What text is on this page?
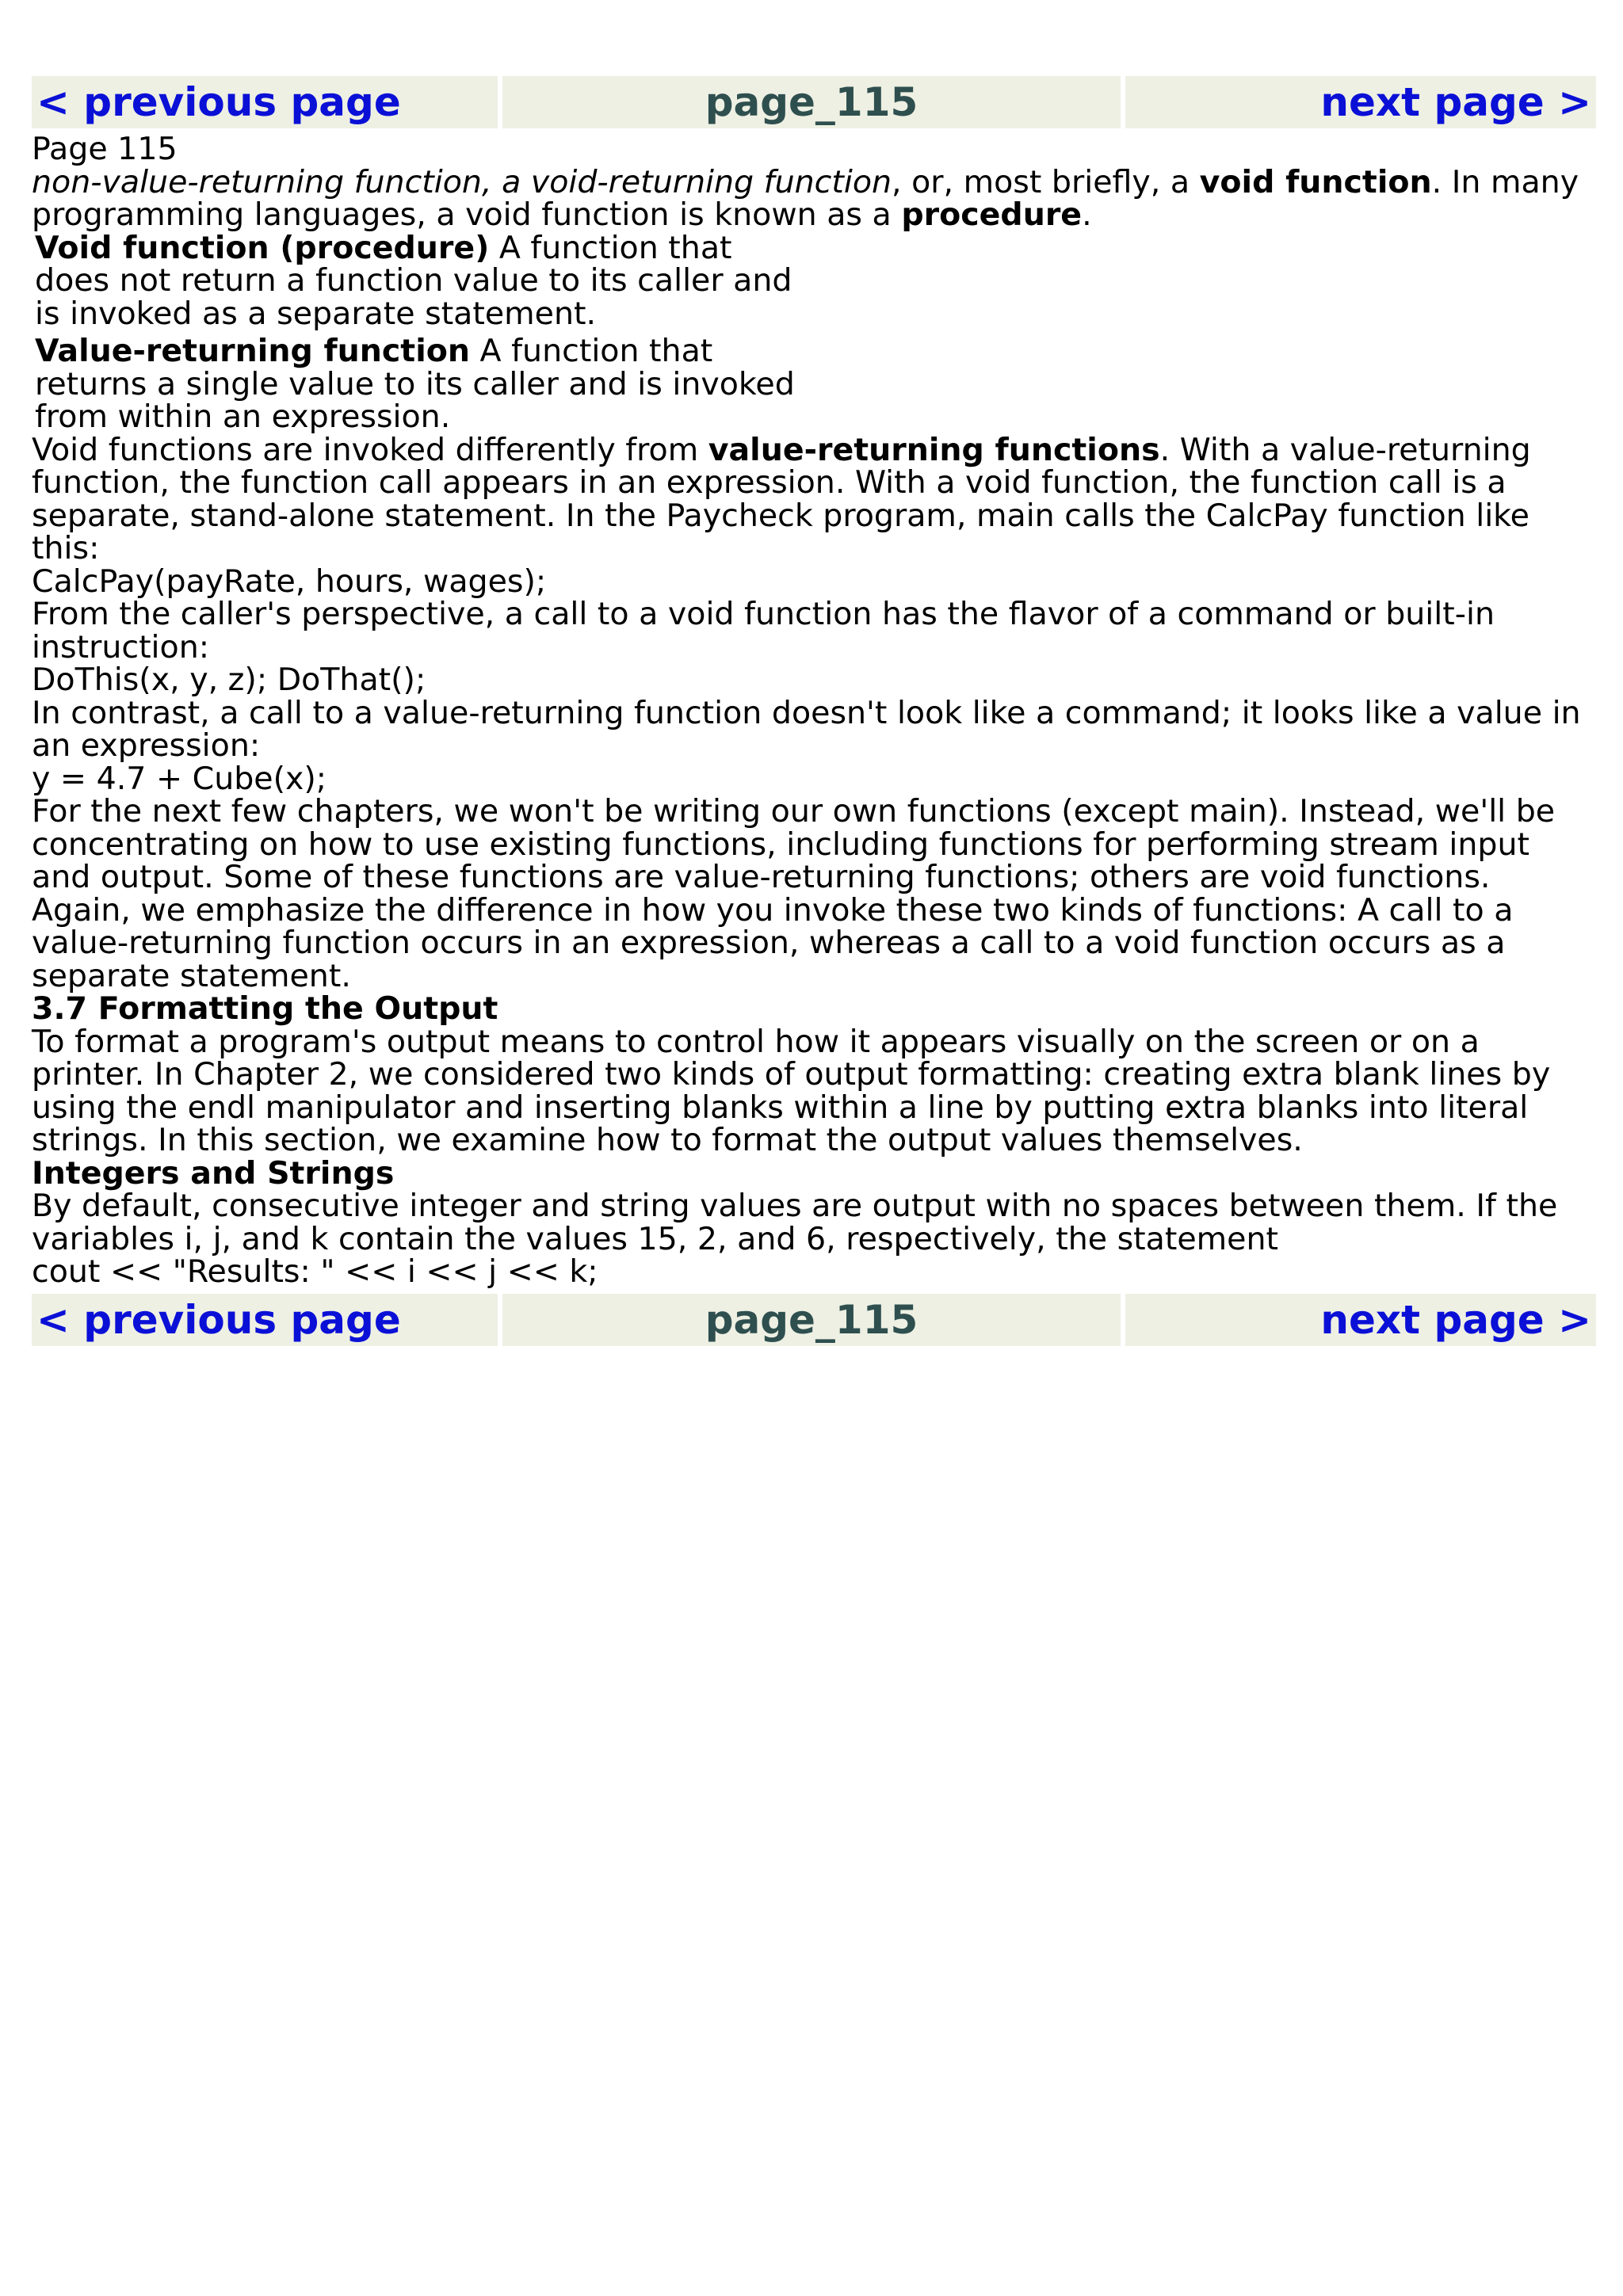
< previous page	page_115	next page >

Page 115

non-value-returning function, a void-returning function, or, most briefly, a void function. In many programming languages, a void function is known as a procedure.

Void function (procedure) A function that does not return a function value to its caller and is invoked as a separate statement.
Value-returning function A function that returns a single value to its caller and is invoked from within an expression.

Void functions are invoked differently from value-returning functions. With a value-returning function, the function call appears in an expression. With a void function, the function call is a separate, stand-alone statement. In the Paycheck program, main calls the CalcPay function like this:

CalcPay(payRate, hours, wages);

From the caller's perspective, a call to a void function has the flavor of a command or built-in instruction:

DoThis(x, y, z); DoThat();

In contrast, a call to a value-returning function doesn't look like a command; it looks like a value in an expression:

y = 4.7 + Cube(x);

For the next few chapters, we won't be writing our own functions (except main). Instead, we'll be concentrating on how to use existing functions, including functions for performing stream input and output. Some of these functions are value-returning functions; others are void functions. Again, we emphasize the difference in how you invoke these two kinds of functions: A call to a value-returning function occurs in an expression, whereas a call to a void function occurs as a separate statement.

3.7 Formatting the Output

To format a program's output means to control how it appears visually on the screen or on a printer. In Chapter 2, we considered two kinds of output formatting: creating extra blank lines by using the endl manipulator and inserting blanks within a line by putting extra blanks into literal strings. In this section, we examine how to format the output values themselves.

Integers and Strings

By default, consecutive integer and string values are output with no spaces between them. If the variables i, j, and k contain the values 15, 2, and 6, respectively, the statement

cout << "Results: " << i << j << k;

< previous page	page_115	next page >
